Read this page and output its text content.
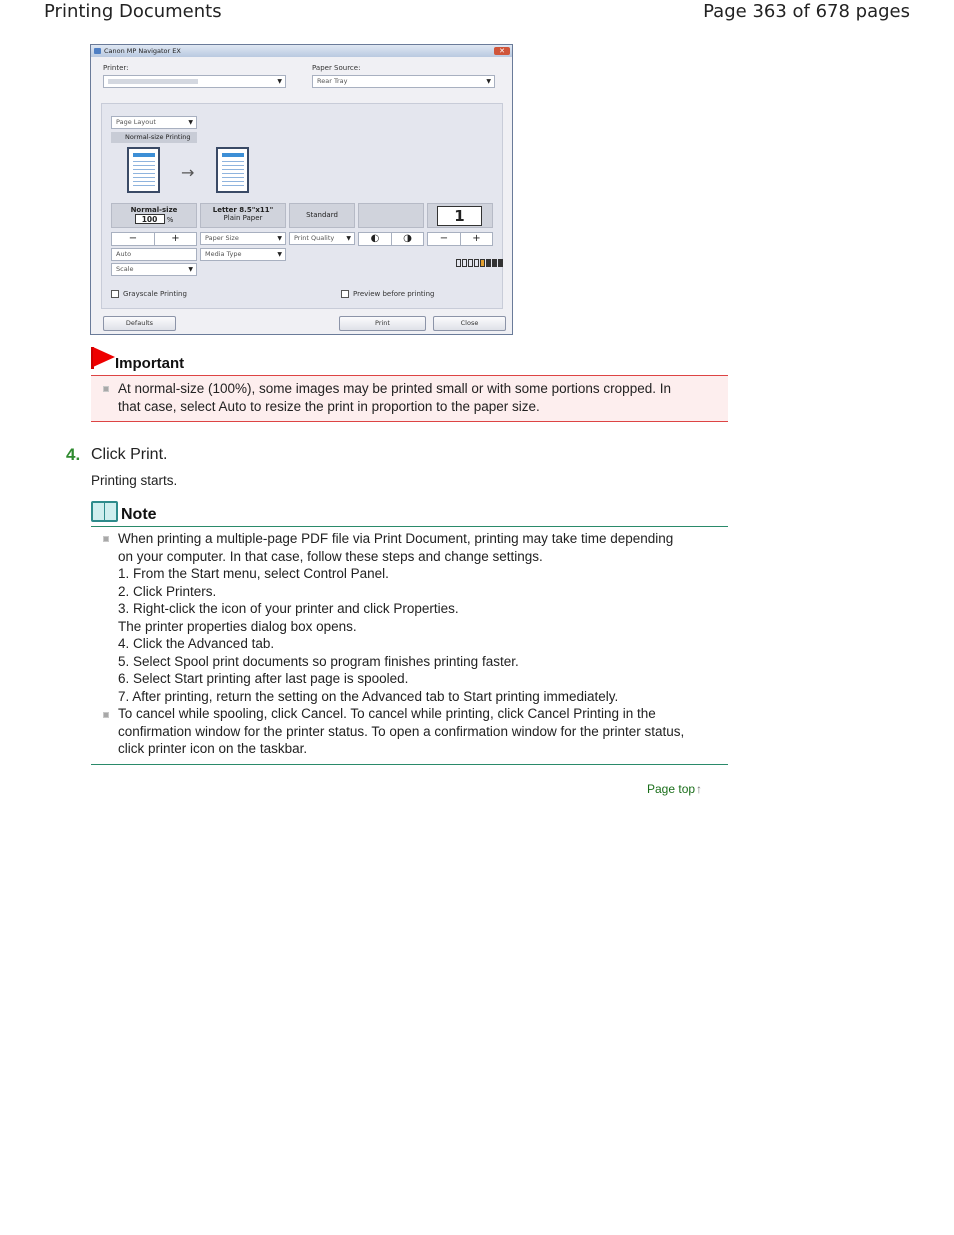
Printing Documents	Page 363 of 678 pages
Canon MP Navigator EX	✕
Printer:
▼
Paper Source:
Rear Tray	▼
Page Layout	▼
Normal-size Printing
→
Normal-size
100 %
Letter 8.5"x11"
Plain Paper	Standard	1
−	+	Paper Size	▼	Print Quality ▼	◐	◑	−	+
Auto	Media Type	▼
Scale	▼
Grayscale Printing	Preview before printing
Defaults	Print	Close
Important
At normal-size (100%), some images may be printed small or with some portions cropped. In
that case, select Auto to resize the print in proportion to the paper size.
4. Click Print.
Printing starts.
Note
When printing a multiple-page PDF file via Print Document, printing may take time depending
on your computer. In that case, follow these steps and change settings.
1. From the Start menu, select Control Panel.
2. Click Printers.
3. Right-click the icon of your printer and click Properties.
The printer properties dialog box opens.
4. Click the Advanced tab.
5. Select Spool print documents so program finishes printing faster.
6. Select Start printing after last page is spooled.
7. After printing, return the setting on the Advanced tab to Start printing immediately.
To cancel while spooling, click Cancel. To cancel while printing, click Cancel Printing in the
confirmation window for the printer status. To open a confirmation window for the printer status,
click printer icon on the taskbar.
Page top↑
